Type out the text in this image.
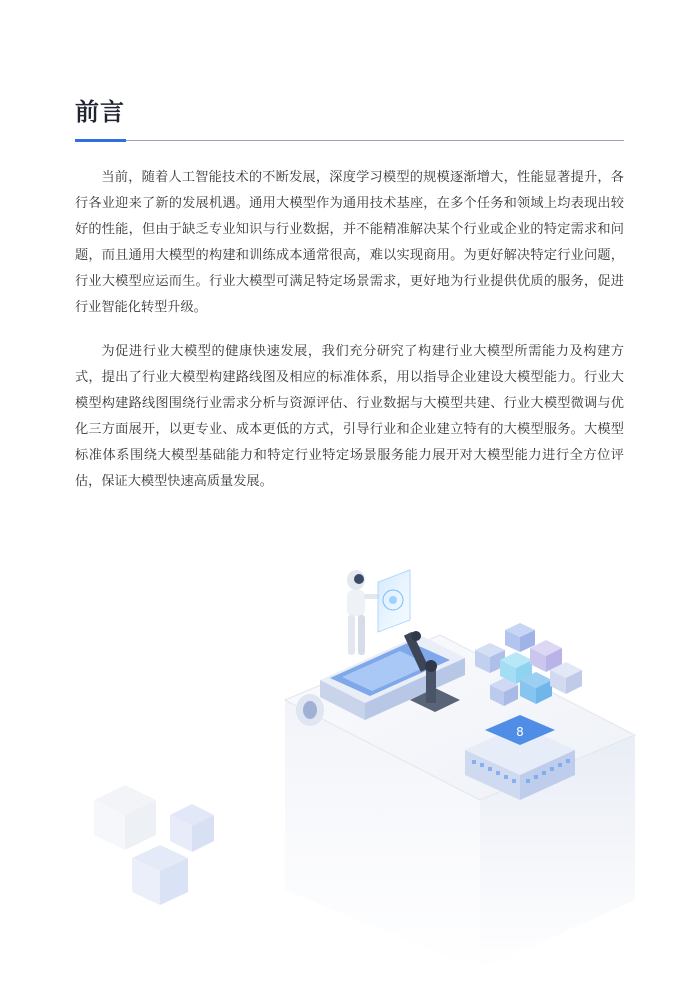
前言

当前，随着人工智能技术的不断发展，深度学习模型的规模逐渐增大，性能显著提升，各行各业迎来了新的发展机遇。通用大模型作为通用技术基座，在多个任务和领域上均表现出较好的性能，但由于缺乏专业知识与行业数据，并不能精准解决某个行业或企业的特定需求和问题，而且通用大模型的构建和训练成本通常很高，难以实现商用。为更好解决特定行业问题，行业大模型应运而生。行业大模型可满足特定场景需求，更好地为行业提供优质的服务，促进行业智能化转型升级。

为促进行业大模型的健康快速发展，我们充分研究了构建行业大模型所需能力及构建方式，提出了行业大模型构建路线图及相应的标准体系，用以指导企业建设大模型能力。行业大模型构建路线图围绕行业需求分析与资源评估、行业数据与大模型共建、行业大模型微调与优化三方面展开，以更专业、成本更低的方式，引导行业和企业建立特有的大模型服务。大模型标准体系围绕大模型基础能力和特定行业特定场景服务能力展开对大模型能力进行全方位评估，保证大模型快速高质量发展。

8
